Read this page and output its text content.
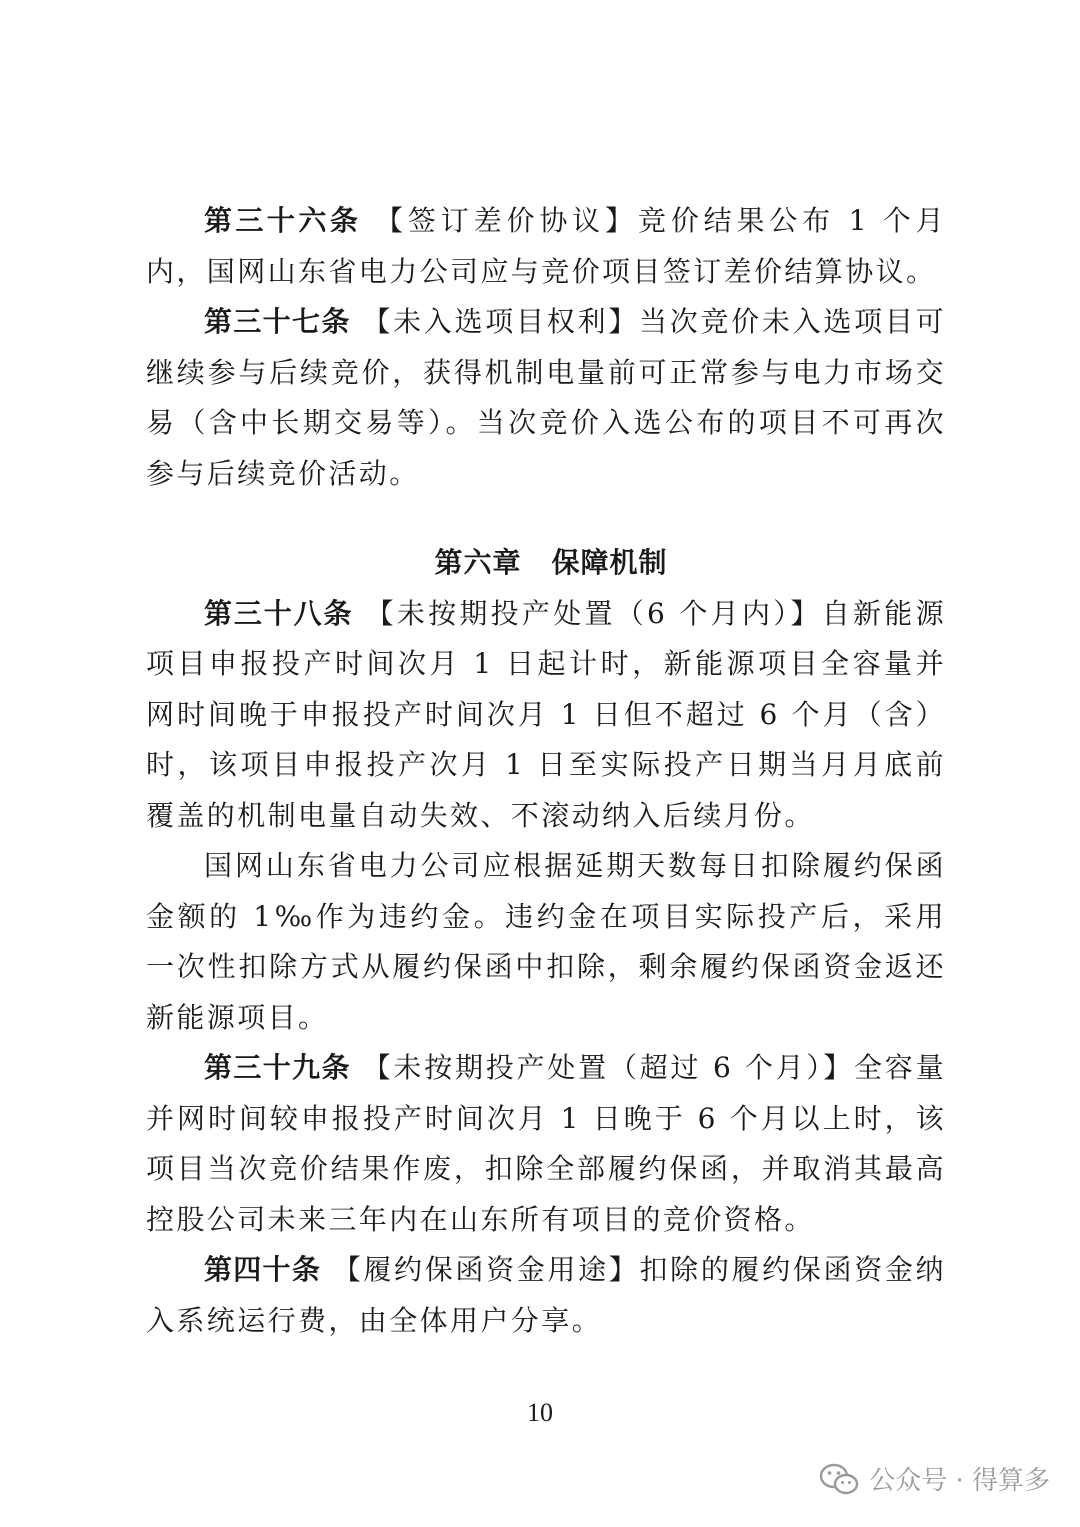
第三十六条 【签订差价协议】竞价结果公布 1 个月内，国网山东省电力公司应与竞价项目签订差价结算协议。

第三十七条 【未入选项目权利】当次竞价未入选项目可继续参与后续竞价，获得机制电量前可正常参与电力市场交易（含中长期交易等）。当次竞价入选公布的项目不可再次参与后续竞价活动。

第六章 保障机制

第三十八条 【未按期投产处置（6 个月内）】自新能源项目申报投产时间次月 1 日起计时，新能源项目全容量并网时间晚于申报投产时间次月 1 日但不超过 6 个月（含）时，该项目申报投产次月 1 日至实际投产日期当月月底前覆盖的机制电量自动失效、不滚动纳入后续月份。

国网山东省电力公司应根据延期天数每日扣除履约保函金额的 1‰作为违约金。违约金在项目实际投产后，采用一次性扣除方式从履约保函中扣除，剩余履约保函资金返还新能源项目。

第三十九条 【未按期投产处置（超过 6 个月）】全容量并网时间较申报投产时间次月 1 日晚于 6 个月以上时，该项目当次竞价结果作废，扣除全部履约保函，并取消其最高控股公司未来三年内在山东所有项目的竞价资格。

第四十条 【履约保函资金用途】扣除的履约保函资金纳入系统运行费，由全体用户分享。

10
公众号 · 得算多
